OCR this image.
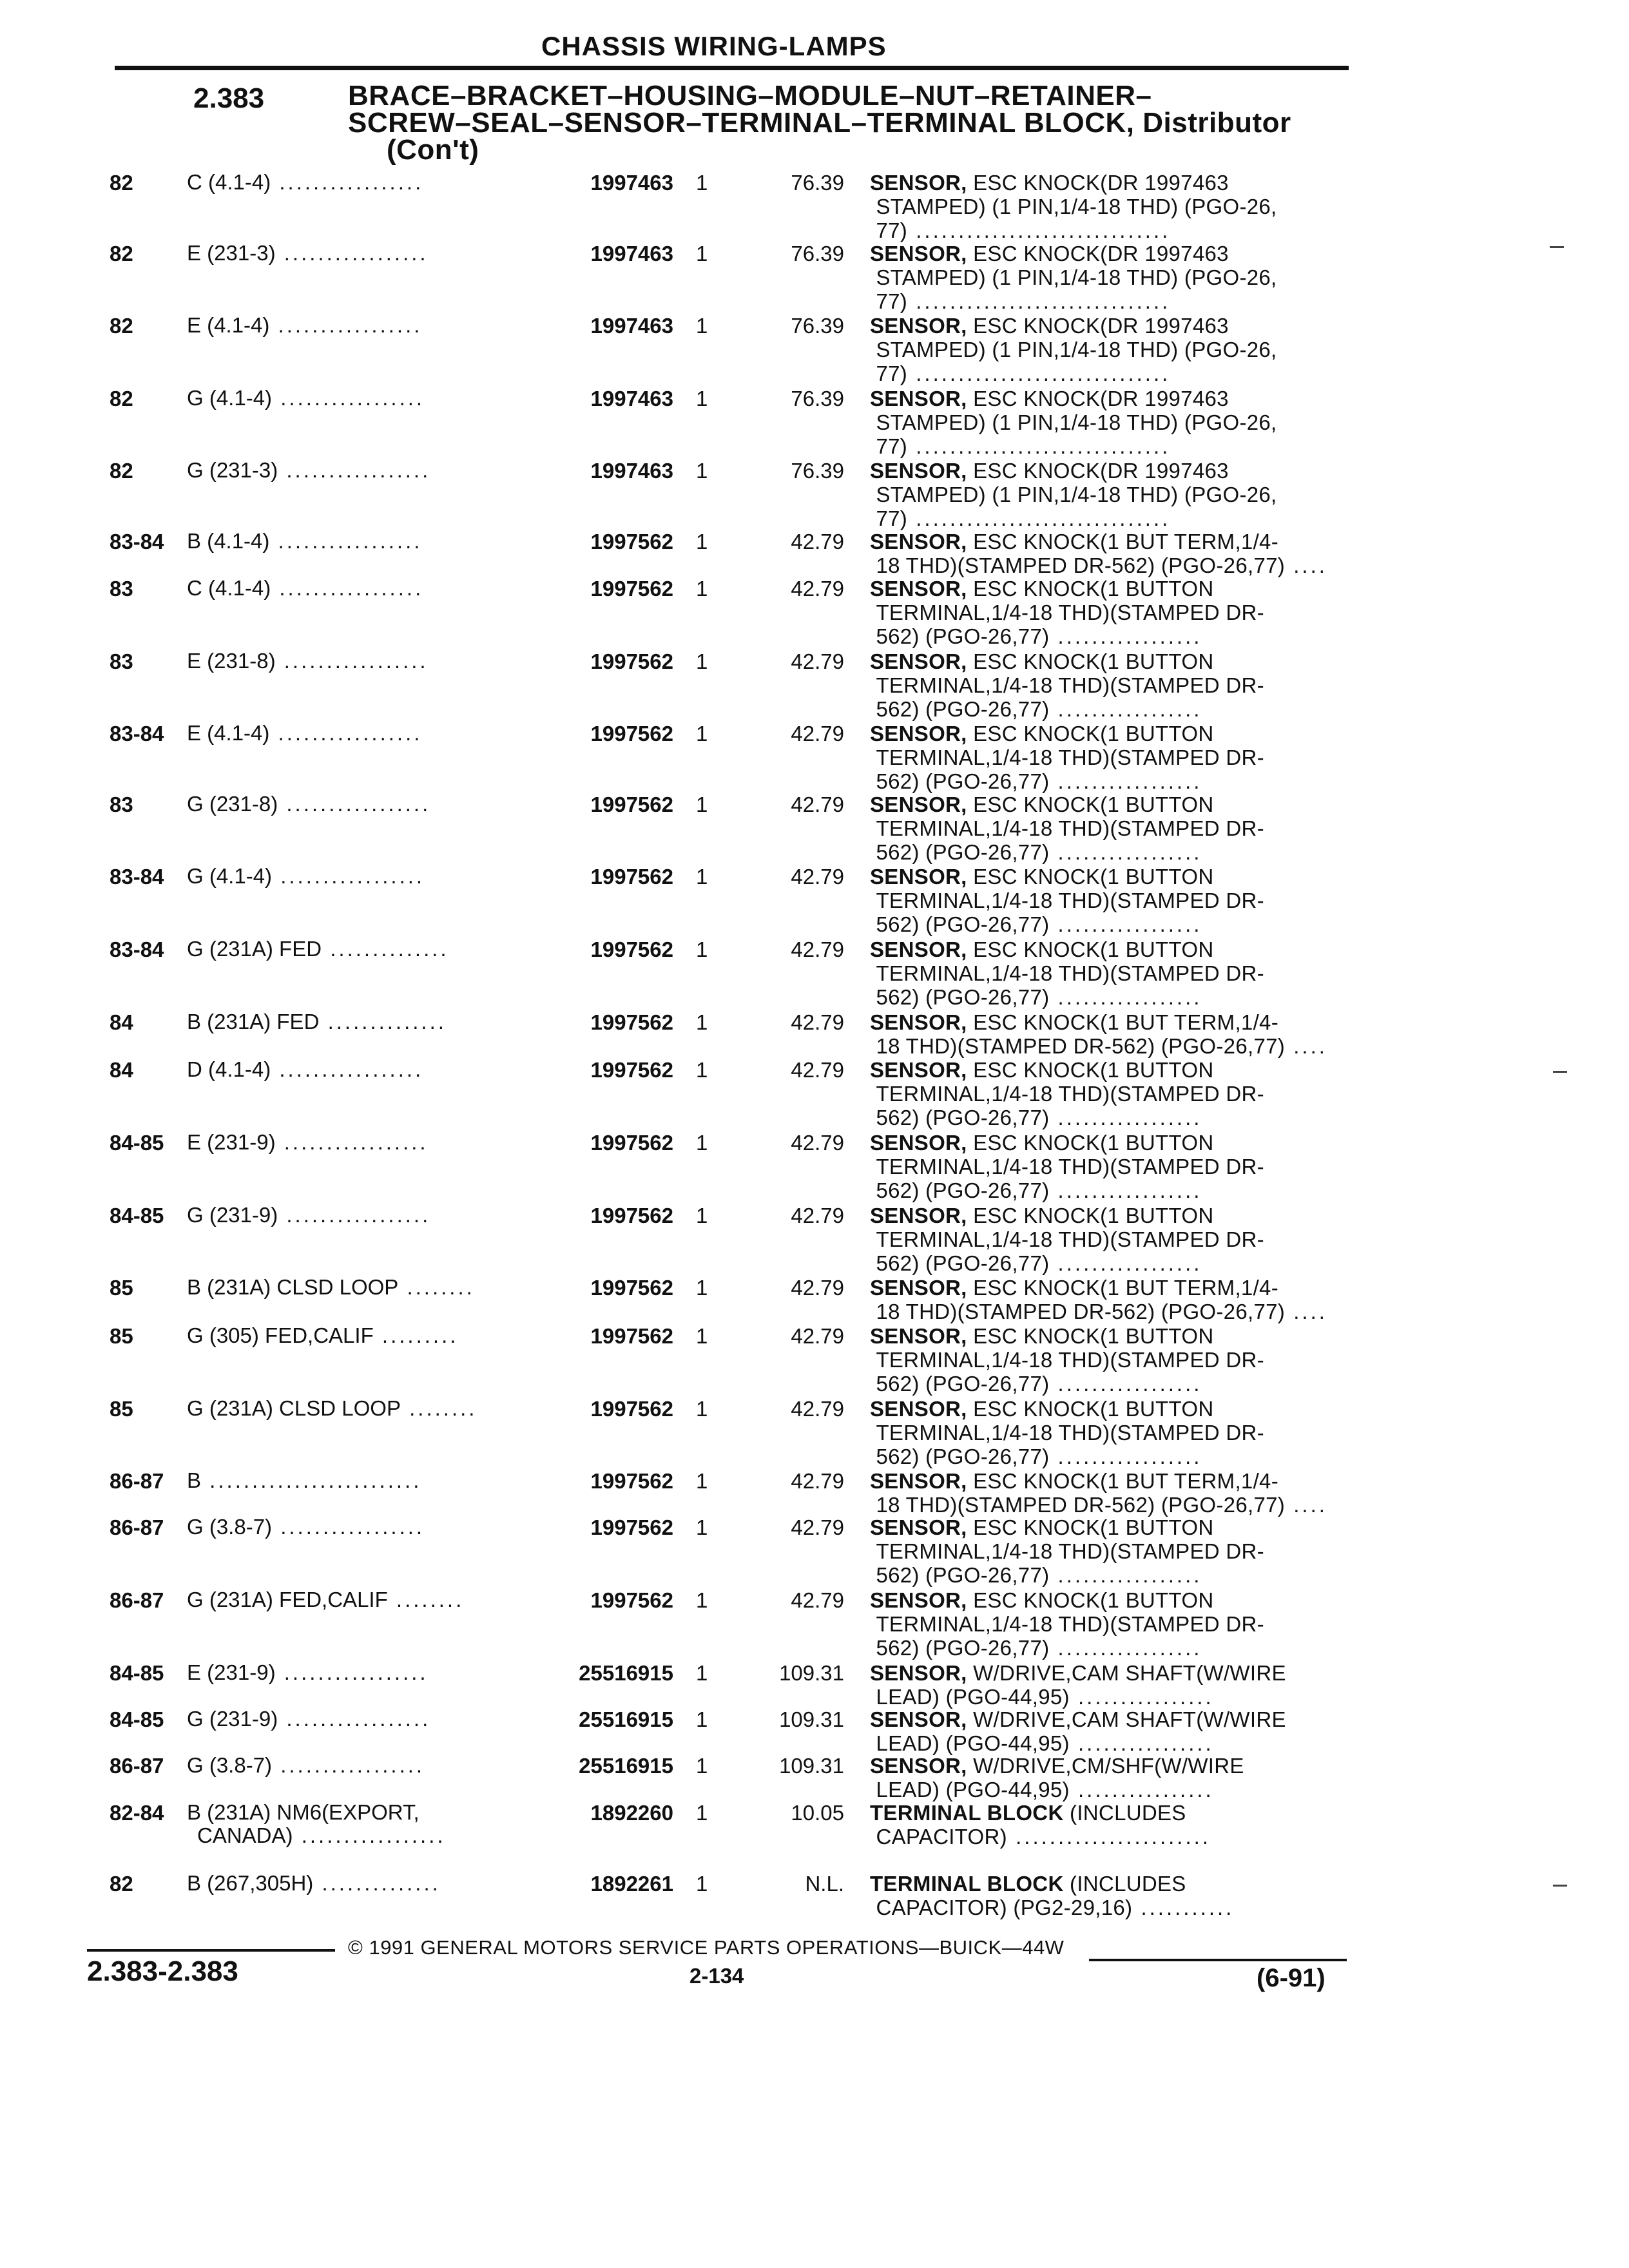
CHASSIS WIRING-LAMPS
2.383	BRACE–BRACKET–HOUSING–MODULE–NUT–RETAINER–
SCREW–SEAL–SENSOR–TERMINAL–TERMINAL BLOCK, Distributor
(Con't)
82	C (4.1-4) .................	1997463 1	76.39 SENSOR, ESC KNOCK(DR 1997463
STAMPED) (1 PIN,1/4-18 THD) (PGO-26,
77) ..............................
82	E (231-3) .................	1997463 1	76.39 SENSOR, ESC KNOCK(DR 1997463
STAMPED) (1 PIN,1/4-18 THD) (PGO-26,
77) ..............................
82	E (4.1-4) .................	1997463 1	76.39 SENSOR, ESC KNOCK(DR 1997463
STAMPED) (1 PIN,1/4-18 THD) (PGO-26,
77) ..............................
82	G (4.1-4) .................	1997463 1	76.39 SENSOR, ESC KNOCK(DR 1997463
STAMPED) (1 PIN,1/4-18 THD) (PGO-26,
77) ..............................
82	G (231-3) .................	1997463 1	76.39 SENSOR, ESC KNOCK(DR 1997463
STAMPED) (1 PIN,1/4-18 THD) (PGO-26,
77) ..............................
83-84 B (4.1-4) .................	1997562 1	42.79 SENSOR, ESC KNOCK(1 BUT TERM,1/4-
18 THD)(STAMPED DR-562) (PGO-26,77) ....
83	C (4.1-4) .................	1997562 1	42.79 SENSOR, ESC KNOCK(1 BUTTON
TERMINAL,1/4-18 THD)(STAMPED DR-
562) (PGO-26,77) .................
83	E (231-8) .................	1997562 1	42.79 SENSOR, ESC KNOCK(1 BUTTON
TERMINAL,1/4-18 THD)(STAMPED DR-
562) (PGO-26,77) .................
83-84 E (4.1-4) .................	1997562 1	42.79 SENSOR, ESC KNOCK(1 BUTTON
TERMINAL,1/4-18 THD)(STAMPED DR-
562) (PGO-26,77) .................
83	G (231-8) .................	1997562 1	42.79 SENSOR, ESC KNOCK(1 BUTTON
TERMINAL,1/4-18 THD)(STAMPED DR-
562) (PGO-26,77) .................
83-84 G (4.1-4) .................	1997562 1	42.79 SENSOR, ESC KNOCK(1 BUTTON
TERMINAL,1/4-18 THD)(STAMPED DR-
562) (PGO-26,77) .................
83-84 G (231A) FED ..............	1997562 1	42.79 SENSOR, ESC KNOCK(1 BUTTON
TERMINAL,1/4-18 THD)(STAMPED DR-
562) (PGO-26,77) .................
84	B (231A) FED ..............	1997562 1	42.79 SENSOR, ESC KNOCK(1 BUT TERM,1/4-
18 THD)(STAMPED DR-562) (PGO-26,77) ....
84	D (4.1-4) .................	1997562 1	42.79 SENSOR, ESC KNOCK(1 BUTTON
TERMINAL,1/4-18 THD)(STAMPED DR-
562) (PGO-26,77) .................
84-85 E (231-9) .................	1997562 1	42.79 SENSOR, ESC KNOCK(1 BUTTON
TERMINAL,1/4-18 THD)(STAMPED DR-
562) (PGO-26,77) .................
84-85 G (231-9) .................	1997562 1	42.79 SENSOR, ESC KNOCK(1 BUTTON
TERMINAL,1/4-18 THD)(STAMPED DR-
562) (PGO-26,77) .................
85	B (231A) CLSD LOOP ........	1997562 1	42.79 SENSOR, ESC KNOCK(1 BUT TERM,1/4-
18 THD)(STAMPED DR-562) (PGO-26,77) ....
85	G (305) FED,CALIF .........	1997562 1	42.79 SENSOR, ESC KNOCK(1 BUTTON
TERMINAL,1/4-18 THD)(STAMPED DR-
562) (PGO-26,77) .................
85	G (231A) CLSD LOOP ........	1997562 1	42.79 SENSOR, ESC KNOCK(1 BUTTON
TERMINAL,1/4-18 THD)(STAMPED DR-
562) (PGO-26,77) .................
86-87 B .........................	1997562 1	42.79 SENSOR, ESC KNOCK(1 BUT TERM,1/4-
18 THD)(STAMPED DR-562) (PGO-26,77) ....
86-87 G (3.8-7) .................	1997562 1	42.79 SENSOR, ESC KNOCK(1 BUTTON
TERMINAL,1/4-18 THD)(STAMPED DR-
562) (PGO-26,77) .................
86-87 G (231A) FED,CALIF ........	1997562 1	42.79 SENSOR, ESC KNOCK(1 BUTTON
TERMINAL,1/4-18 THD)(STAMPED DR-
562) (PGO-26,77) .................
84-85 E (231-9) .................	25516915 1	109.31 SENSOR, W/DRIVE,CAM SHAFT(W/WIRE
LEAD) (PGO-44,95) ................
84-85 G (231-9) .................	25516915 1	109.31 SENSOR, W/DRIVE,CAM SHAFT(W/WIRE
LEAD) (PGO-44,95) ................
86-87 G (3.8-7) .................	25516915 1	109.31 SENSOR, W/DRIVE,CM/SHF(W/WIRE
LEAD) (PGO-44,95) ................
82-84 B (231A) NM6(EXPORT,
CANADA) .................
1892260 1	10.05 TERMINAL BLOCK (INCLUDES
CAPACITOR) .......................
82	B (267,305H) ..............	1892261 1	N.L. TERMINAL BLOCK (INCLUDES
CAPACITOR) (PG2-29,16) ...........
© 1991 GENERAL MOTORS SERVICE PARTS OPERATIONS—BUICK—44W
2.383-2.383	2-134	(6-91)
